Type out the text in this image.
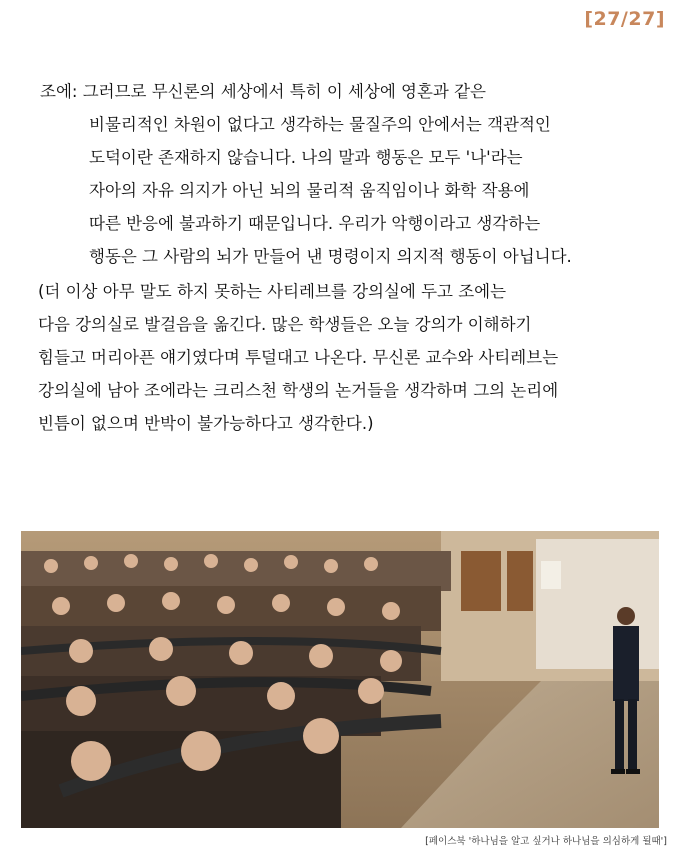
[27/27]
조에: 그러므로 무신론의 세상에서 특히 이 세상에 영혼과 같은
비물리적인 차원이 없다고 생각하는 물질주의 안에서는 객관적인
도덕이란 존재하지 않습니다. 나의 말과 행동은 모두 '나'라는
자아의 자유 의지가 아닌 뇌의 물리적 움직임이나 화학 작용에
따른 반응에 불과하기 때문입니다. 우리가 악행이라고 생각하는
행동은 그 사람의 뇌가 만들어 낸 명령이지 의지적 행동이 아닙니다.
(더 이상 아무 말도 하지 못하는 사티레브를 강의실에 두고 조에는
다음 강의실로 발걸음을 옮긴다. 많은 학생들은 오늘 강의가 이해하기
힘들고 머리아픈 얘기였다며 투덜대고 나온다. 무신론 교수와 사티레브는
강의실에 남아 조에라는 크리스천 학생의 논거들을 생각하며 그의 논리에
빈틈이 없으며 반박이 불가능하다고 생각한다.)
[페이스북 '하나님을 알고 싶거나 하나님을 의심하게 될때']
